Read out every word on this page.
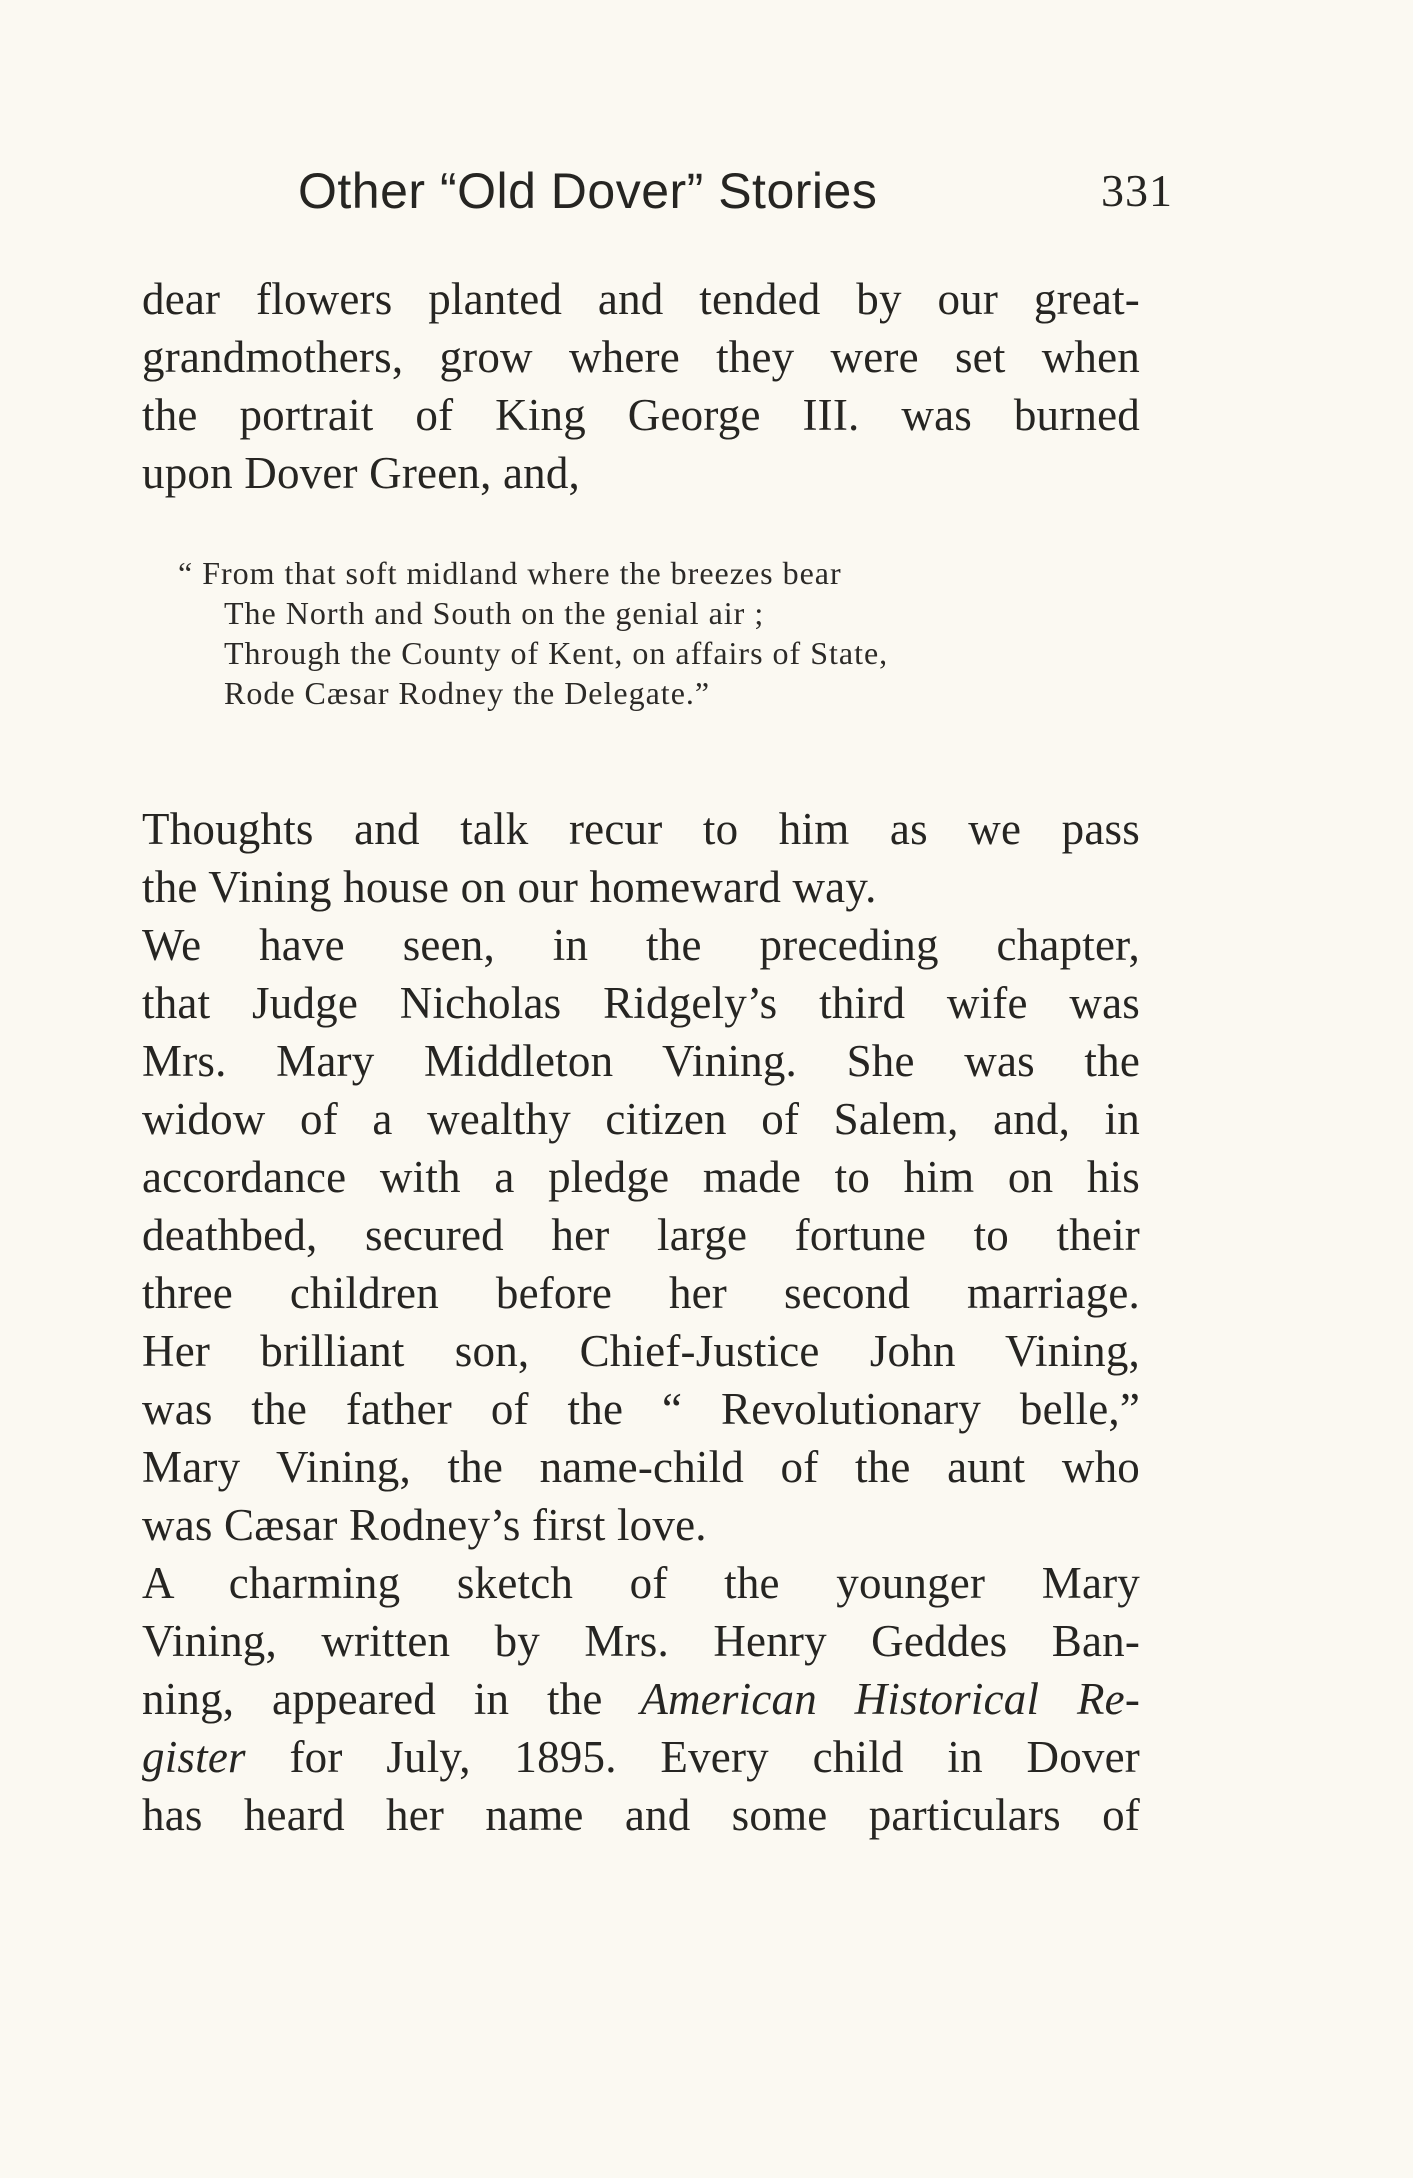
Other “Old Dover” Stories	331
dear flowers planted and tended by our great-
grandmothers, grow where they were set when
the portrait of King George III. was burned
upon Dover Green, and,
“ From that soft midland where the breezes bear
The North and South on the genial air ;
Through the County of Kent, on affairs of State,
Rode Cæsar Rodney the Delegate.”
Thoughts and talk recur to him as we pass
the Vining house on our homeward way.
We have seen, in the preceding chapter,
that Judge Nicholas Ridgely’s third wife was
Mrs. Mary Middleton Vining. She was the
widow of a wealthy citizen of Salem, and, in
accordance with a pledge made to him on his
deathbed, secured her large fortune to their
three children before her second marriage.
Her brilliant son, Chief-Justice John Vining,
was the father of the “ Revolutionary belle,”
Mary Vining, the name-child of the aunt who
was Cæsar Rodney’s first love.
A charming sketch of the younger Mary
Vining, written by Mrs. Henry Geddes Ban-
ning, appeared in the American Historical Re-
gister for July, 1895. Every child in Dover
has heard her name and some particulars of
